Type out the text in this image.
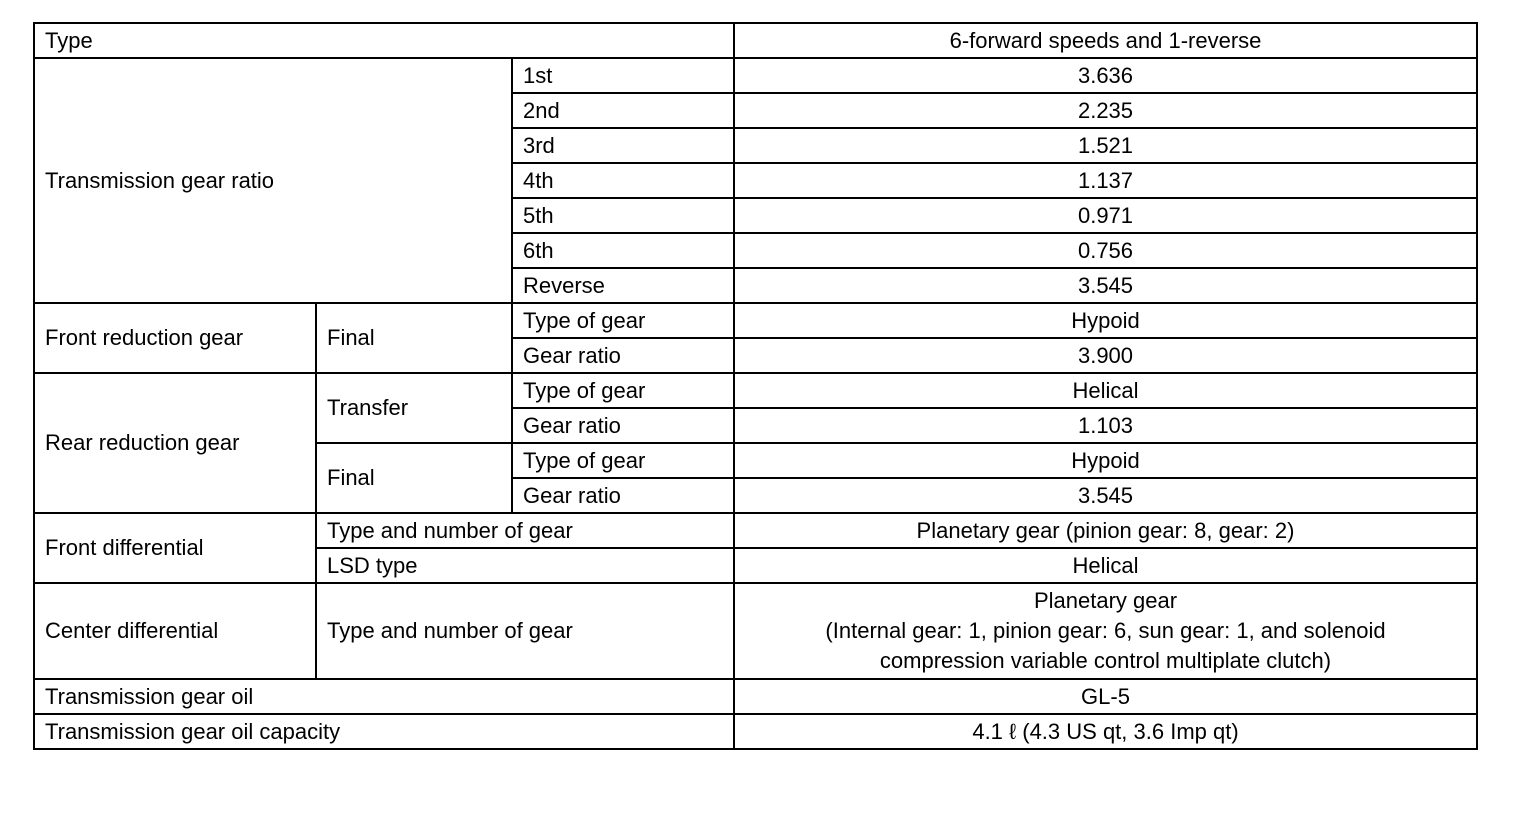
Type			6-forward speeds and 1-reverse
Transmission gear ratio		1st	3.636
		2nd	2.235
		3rd	1.521
		4th	1.137
		5th	0.971
		6th	0.756
		Reverse	3.545
Front reduction gear	Final	Type of gear	Hypoid
		Gear ratio	3.900
Rear reduction gear	Transfer	Type of gear	Helical
		Gear ratio	1.103
	Final	Type of gear	Hypoid
		Gear ratio	3.545
Front differential	Type and number of gear		Planetary gear (pinion gear: 8, gear: 2)
	LSD type		Helical
Center differential	Type and number of gear		Planetary gear
(Internal gear: 1, pinion gear: 6, sun gear: 1, and solenoid
compression variable control multiplate clutch)

Transmission gear oil			GL-5
Transmission gear oil capacity			4.1 ℓ (4.3 US qt, 3.6 Imp qt)
